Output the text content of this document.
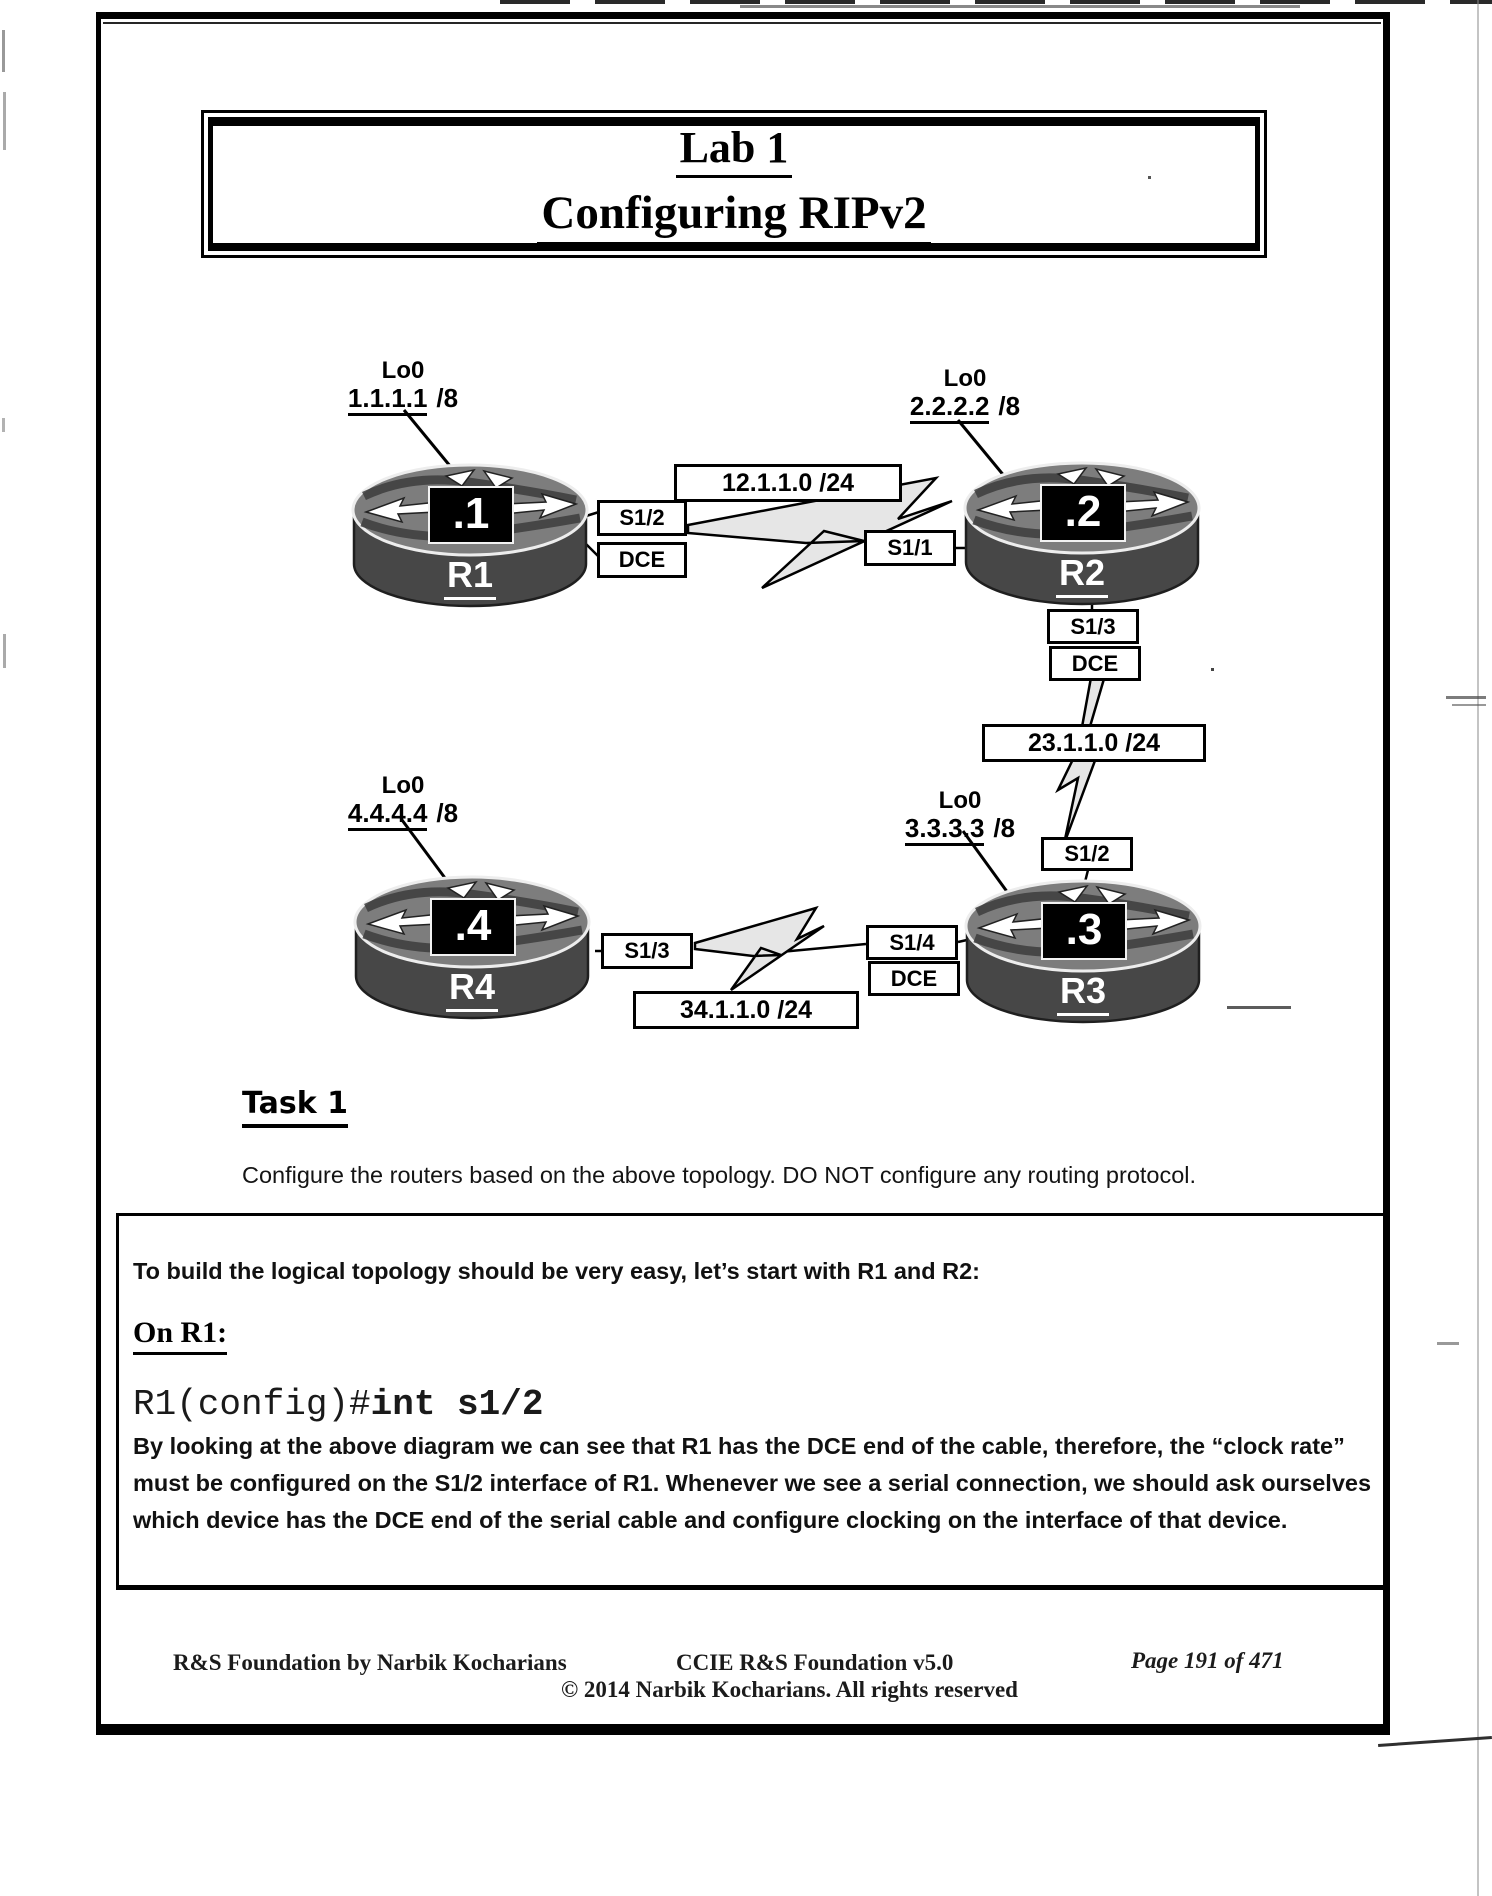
Lab 1
Configuring RIPv2
.1
R1
.2
R2
.3
R3
.4
R4
Lo0
1.1.1.1 /8
Lo0
2.2.2.2 /8
Lo0
3.3.3.3 /8
Lo0
4.4.4.4 /8
S1/2
DCE	S1/1
S1/3
DCE
S1/2
S1/3	S1/4
DCE
12.1.1.0 /24
23.1.1.0 /24
34.1.1.0 /24
Task 1
Configure the routers based on the above topology. DO NOT configure any routing protocol.
To build the logical topology should be very easy, let’s start with R1 and R2:
On R1:
R1(config)#int s1/2
By looking at the above diagram we can see that R1 has the DCE end of the cable, therefore, the “clock rate” must be configured on the S1/2 interface of R1. Whenever we see a serial connection, we should ask ourselves which device has the DCE end of the serial cable and configure clocking on the interface of that device.
R&S Foundation by Narbik Kocharians	CCIE R&S Foundation v5.0	Page 191 of 471
© 2014 Narbik Kocharians. All rights reserved
